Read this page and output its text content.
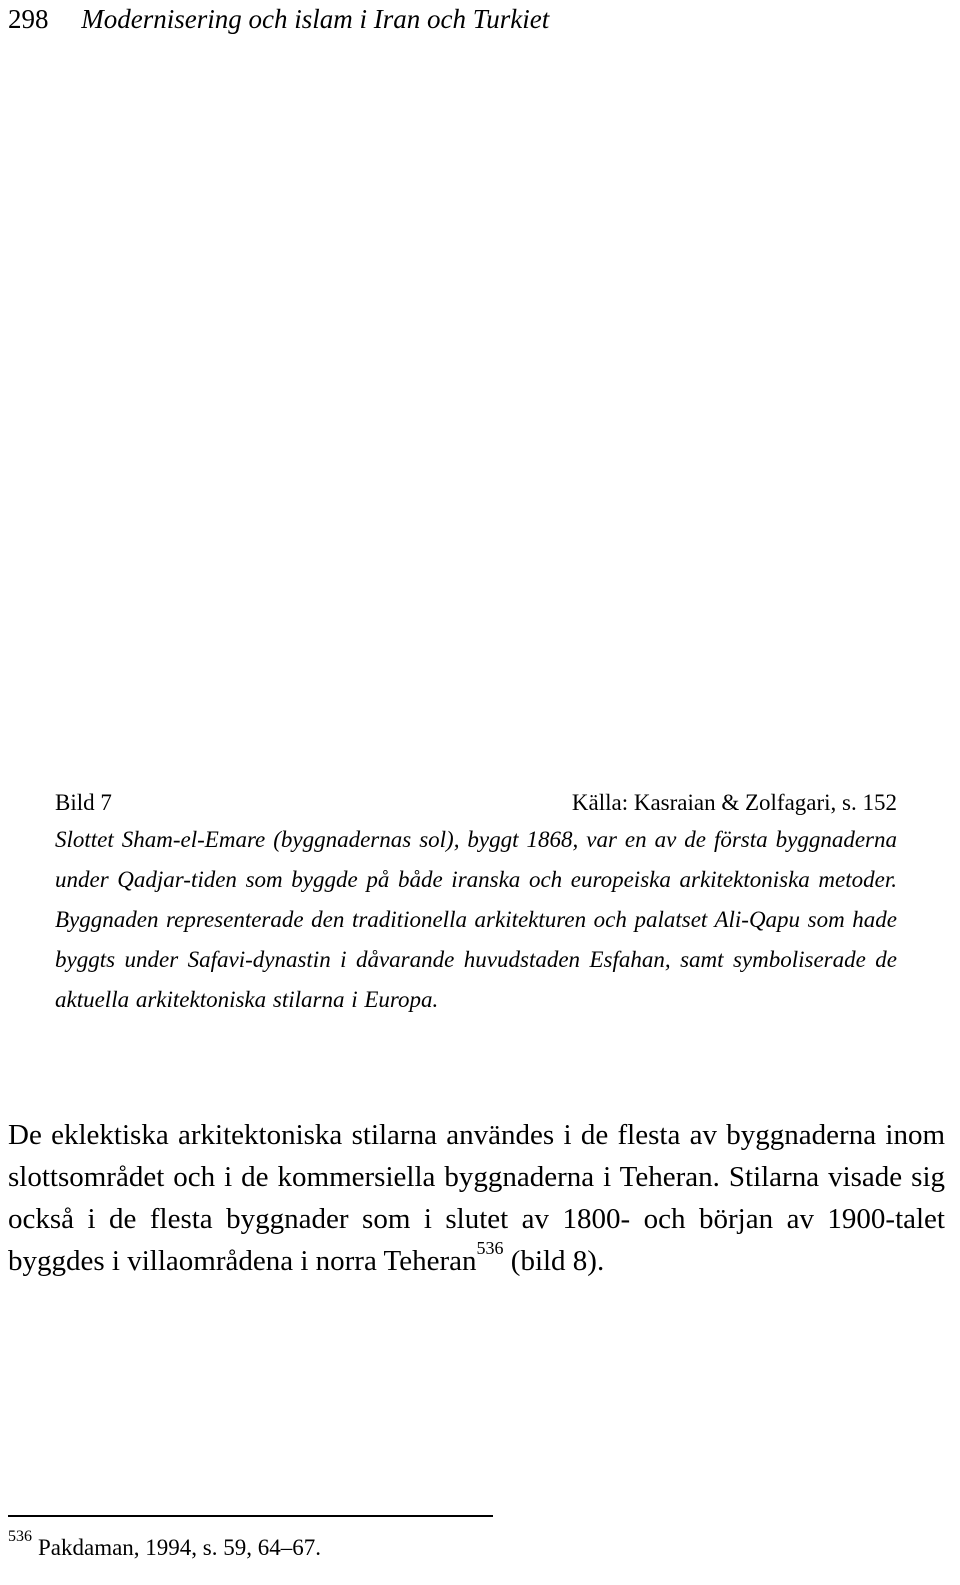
298 Modernisering och islam i Iran och Turkiet
Bild 7	Källa: Kasraian & Zolfagari, s. 152
Slottet Sham-el-Emare (byggnadernas sol), byggt 1868, var en av de första byggnaderna under Qadjar-tiden som byggde på både iranska och europeiska arkitektoniska metoder. Byggnaden representerade den traditionella arkitekturen och palatset Ali-Qapu som hade byggts under Safavi-dynastin i dåvarande huvudstaden Esfahan, samt symboliserade de aktuella arkitektoniska stilarna i Europa.
De eklektiska arkitektoniska stilarna användes i de flesta av byggnaderna inom slottsområdet och i de kommersiella byggnaderna i Teheran. Stilarna visade sig också i de flesta byggnader som i slutet av 1800- och början av 1900-talet byggdes i villaområdena i norra Teheran$^{536}$ (bild 8).
$^{536}$ Pakdaman, 1994, s. 59, 64–67.
